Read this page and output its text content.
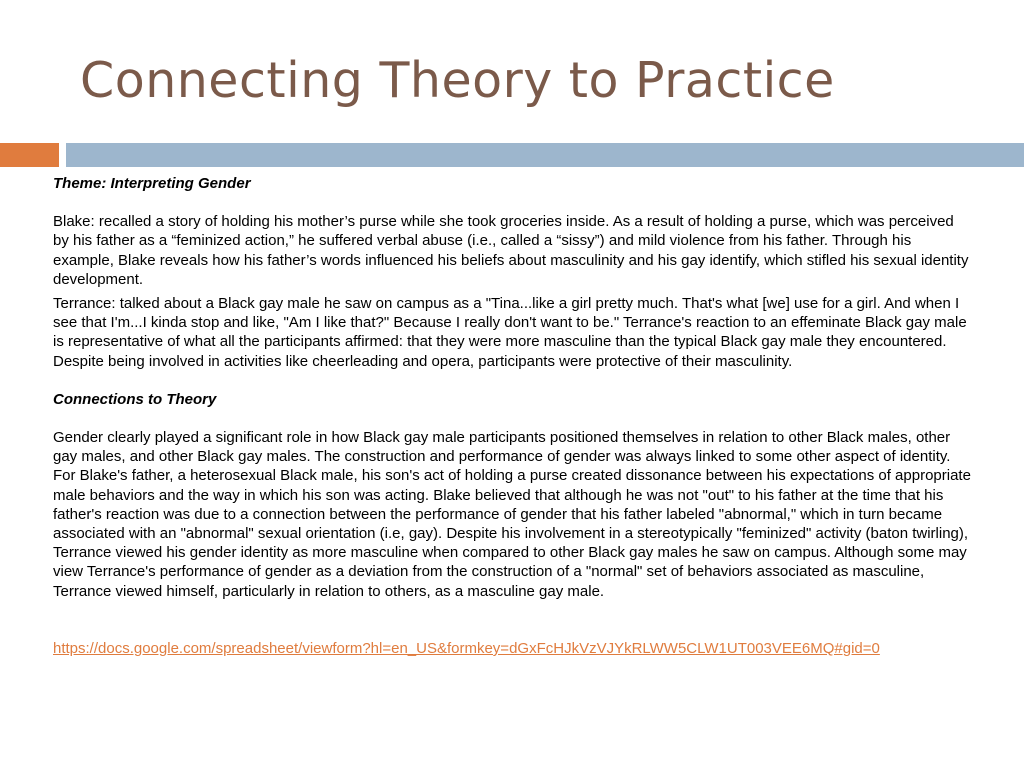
Connecting Theory to Practice

Theme: Interpreting Gender

Blake: recalled a story of holding his mother’s purse while she took groceries inside. As a result of holding a purse, which was perceived by his father as a “feminized action,” he suffered verbal abuse (i.e., called a “sissy”) and mild violence from his father. Through his example, Blake reveals how his father’s words influenced his beliefs about masculinity and his gay identify, which stifled his sexual identity development.

Terrance: talked about a Black gay male he saw on campus as a "Tina...like a girl pretty much. That's what [we] use for a girl. And when I see that I'm...I kinda stop and like, "Am I like that?" Because I really don't want to be." Terrance's reaction to an effeminate Black gay male is representative of what all the participants affirmed: that they were more masculine than the typical Black gay male they encountered. Despite being involved in activities like cheerleading and opera, participants were protective of their masculinity.

Connections to Theory

Gender clearly played a significant role in how Black gay male participants positioned themselves in relation to other Black males, other gay males, and other Black gay males. The construction and performance of gender was always linked to some other aspect of identity. For Blake's father, a heterosexual Black male, his son's act of holding a purse created dissonance between his expectations of appropriate male behaviors and the way in which his son was acting. Blake believed that although he was not "out" to his father at the time that his father's reaction was due to a connection between the performance of gender that his father labeled "abnormal," which in turn became associated with an "abnormal" sexual orientation (i.e, gay). Despite his involvement in a stereotypically "feminized" activity (baton twirling), Terrance viewed his gender identity as more masculine when compared to other Black gay males he saw on campus. Although some may view Terrance's performance of gender as a deviation from the construction of a "normal" set of behaviors associated as masculine, Terrance viewed himself, particularly in relation to others, as a masculine gay male.

https://docs.google.com/spreadsheet/viewform?hl=en_US&formkey=dGxFcHJkVzVJYkRLWW5CLW1UT003VEE6MQ#gid=0
